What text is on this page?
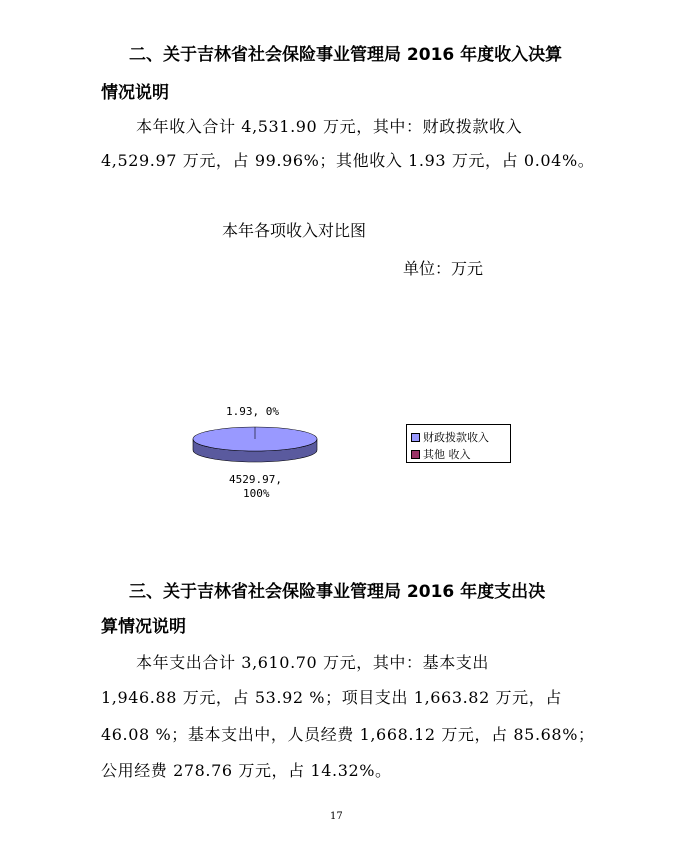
二、关于吉林省社会保险事业管理局 2016 年度收入决算
情况说明
本年收入合计 4,531.90 万元，其中：财政拨款收入
4,529.97 万元，占 99.96%；其他收入 1.93 万元，占 0.04%。
本年各项收入对比图
单位：万元
1.93, 0%
4529.97,
100%
财政拨款收入
其他 收入
三、关于吉林省社会保险事业管理局 2016 年度支出决
算情况说明
本年支出合计 3,610.70 万元，其中：基本支出
1,946.88 万元，占 53.92 %；项目支出 1,663.82 万元，占
46.08 %；基本支出中，人员经费 1,668.12 万元，占 85.68%；
公用经费 278.76 万元，占 14.32%。
17
